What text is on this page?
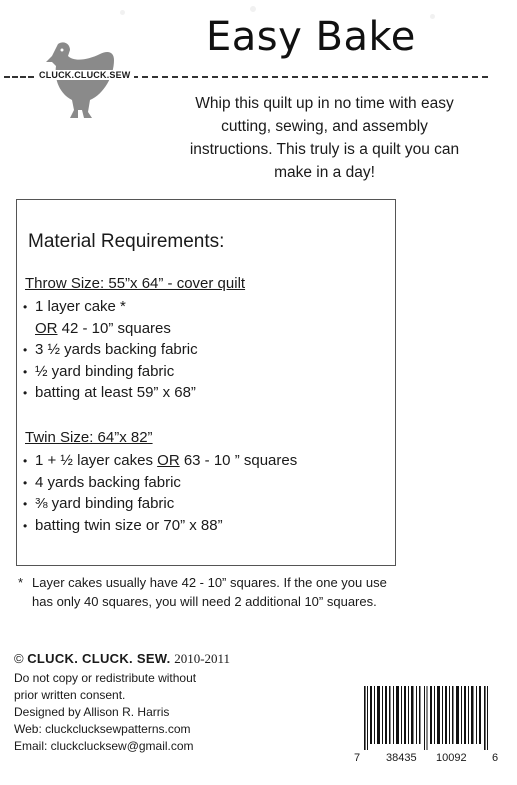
Easy Bake
CLUCK.CLUCK.SEW
Whip this quilt up in no time with easy
cutting, sewing, and assembly
instructions. This truly is a quilt you can
make in a day!
Material Requirements:
Throw Size: 55”x 64” - cover quilt
• 1 layer cake *
OR 42 - 10” squares
• 3 ½ yards backing fabric
• ½ yard binding fabric
• batting at least 59” x 68”
Twin Size: 64”x 82”
• 1 + ½ layer cakes OR 63 - 10 ” squares
• 4 yards backing fabric
• ⅜ yard binding fabric
• batting twin size or 70” x 88”
* Layer cakes usually have 42 - 10” squares. If the one you use
has only 40 squares, you will need 2 additional 10” squares.
© CLUCK. CLUCK. SEW. 2010-2011
Do not copy or redistribute without
prior written consent.
Designed by Allison R. Harris
Web: cluckclucksewpatterns.com
Email: cluckclucksew@gmail.com
7 38435 10092 6
